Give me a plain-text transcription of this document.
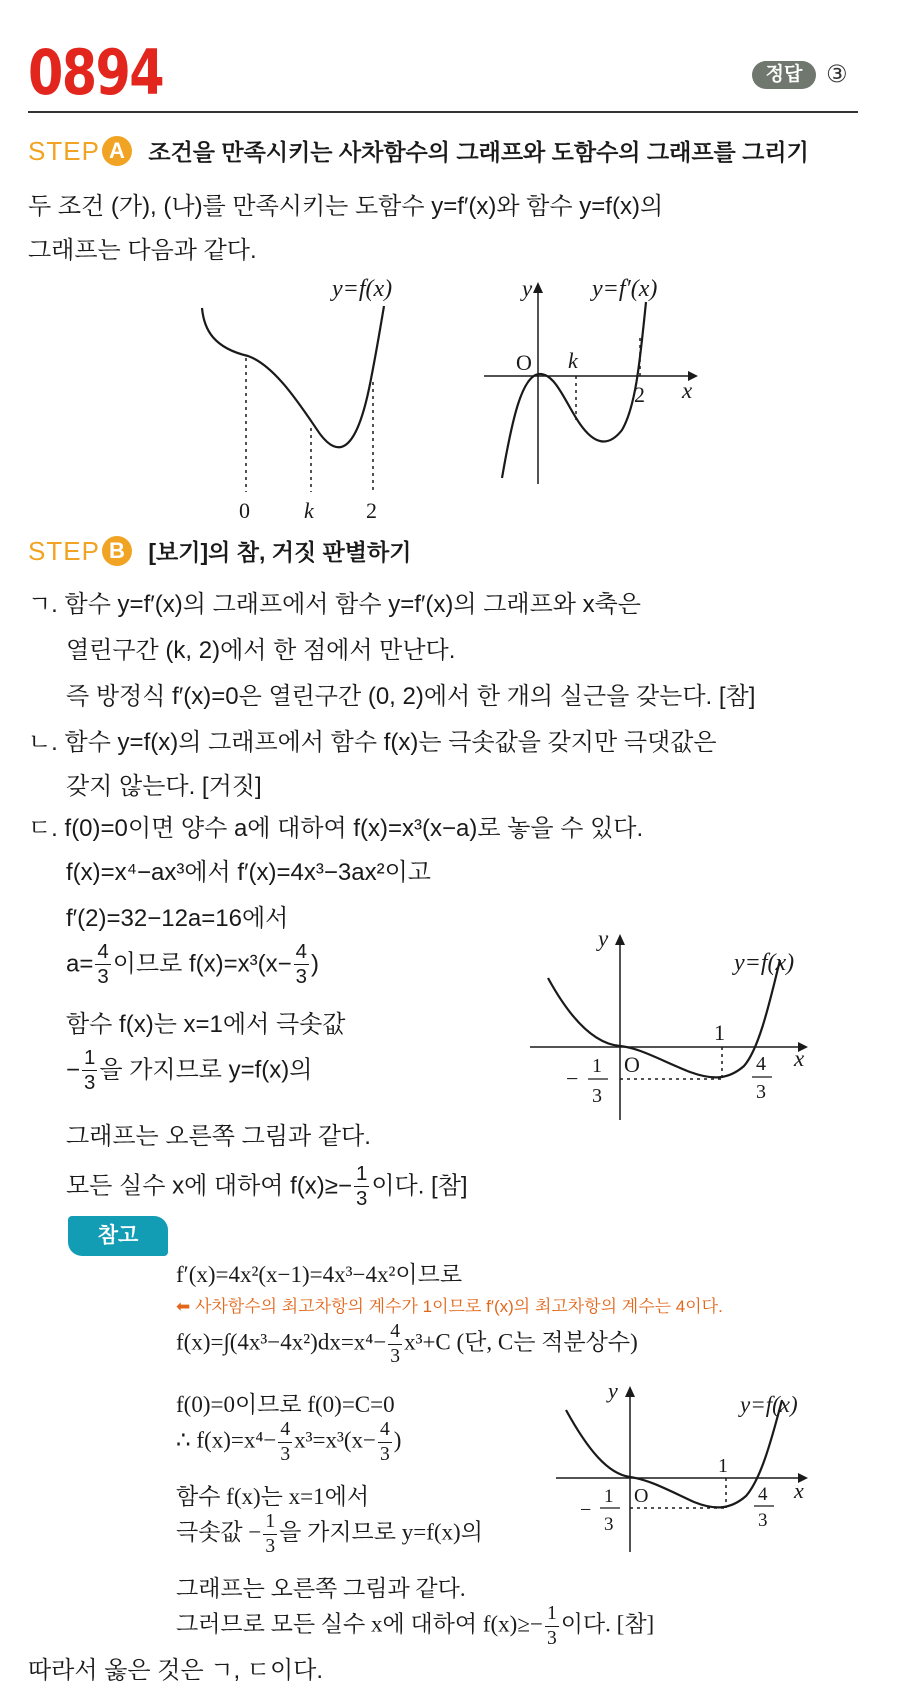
0894	정답 ③
STEP A 조건을 만족시키는 사차함수의 그래프와 도함수의 그래프를 그리기
두 조건 (가), (나)를 만족시키는 도함수 y=f′(x)와 함수 y=f(x)의
그래프는 다음과 같다.
y=f(x)
0 k 2
y y=f′(x)
O k
2 x
STEP B [보기]의 참, 거짓 판별하기
ㄱ. 함수 y=f′(x)의 그래프에서 함수 y=f′(x)의 그래프와 x축은
열린구간 (k, 2)에서 한 점에서 만난다.
즉 방정식 f′(x)=0은 열린구간 (0, 2)에서 한 개의 실근을 갖는다. [참]
ㄴ. 함수 y=f(x)의 그래프에서 함수 f(x)는 극솟값을 갖지만 극댓값은
갖지 않는다. [거짓]
ㄷ. f(0)=0이면 양수 a에 대하여 f(x)=x³(x−a)로 놓을 수 있다.
f(x)=x⁴−ax³에서 f′(x)=4x³−3ax²이고
f′(2)=32−12a=16에서
$a= \frac{4}{3}$ 이므로 $f(x)=x^3(x- \frac{4}{3}$ )
함수 f(x)는 x=1에서 극솟값
− $\frac{1}{3}$ 을 가지므로 y=f(x)의
그래프는 오른쪽 그림과 같다.
모든 실수 x에 대하여 $f(x)\ge- \frac{1}{3}$ 이다. [참]
y
y=f(x)
1
x
O	4
3
− 1
3
참고
f′(x)=4x²(x−1)=4x³−4x²이므로
⬅ 사차함수의 최고차항의 계수가 1이므로 f′(x)의 최고차항의 계수는 4이다.
$f(x)=\int(4x^3-4x^2)dx=x^4- \frac{4}{3} x^3+C$ (단, C는 적분상수)
f(0)=0이므로 f(0)=C=0
∴ $f(x)=x^4- \frac{4}{3} x^3=x^3(x- \frac{4}{3}$ )
함수 f(x)는 x=1에서
극솟값 − $\frac{1}{3}$ 을 가지므로 y=f(x)의
그래프는 오른쪽 그림과 같다.
그러므로 모든 실수 x에 대하여 $f(x)\ge- \frac{1}{3}$ 이다. [참]
y
y=f(x)
1
x
O	4
3
−
1
3
따라서 옳은 것은 ㄱ, ㄷ이다.
